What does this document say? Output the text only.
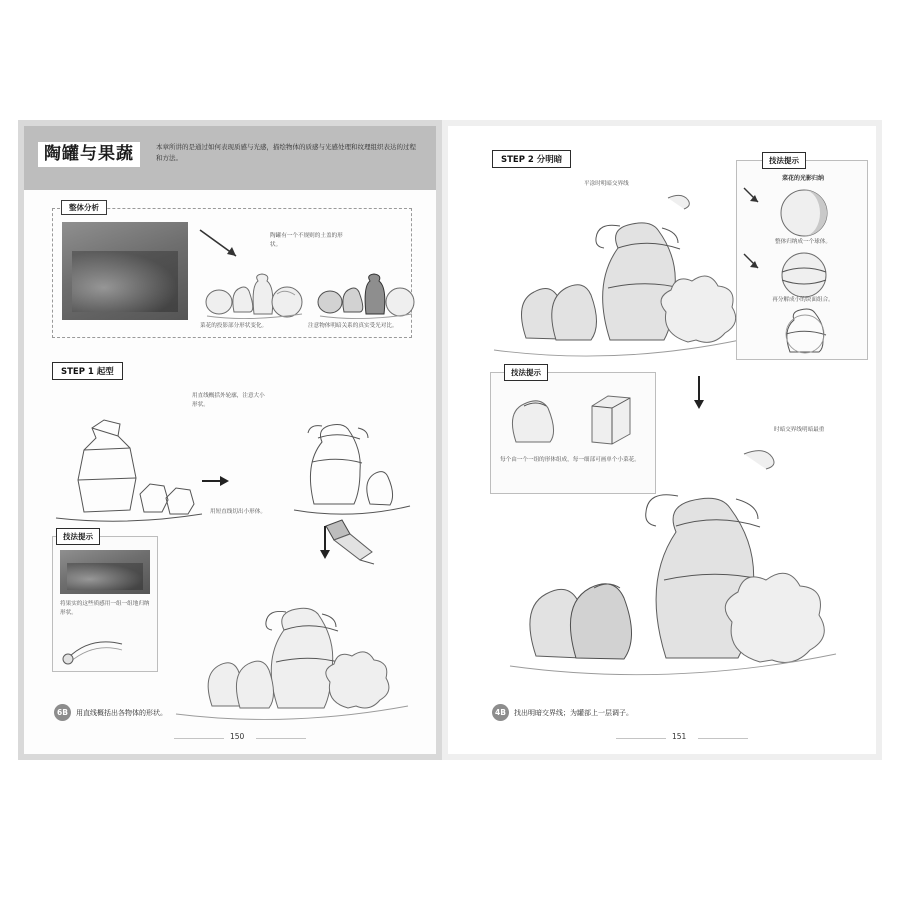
陶罐与果蔬	本章所讲的是通过如何表现质感与光感，描绘物体的质感与光感处理和纹理组织表达的过程和方法。
整体分析
陶罐有一个不规则的土盖的形状。
菜花的投影部分形状变化。	注意物体明暗关系的真实受光对比。
STEP 1 起型
用直线概括外轮廓，注意大小形状。
用短直线切出小形体。
技法提示
将果实的这些质感用一组一组地归纳形状。
6B	用直线概括出各物体的形状。
150
STEP 2 分明暗
平涂时明暗交界线
技法提示
菜花的光影归纳
整体归纳成一个球体。
再分解成小的块面组合。
技法提示
每个由一个一组的形体组成，每一细部可画单个小菜花。
时暗交界线明暗最重
4B	找出明暗交界线；为罐部上一层调子。
151
